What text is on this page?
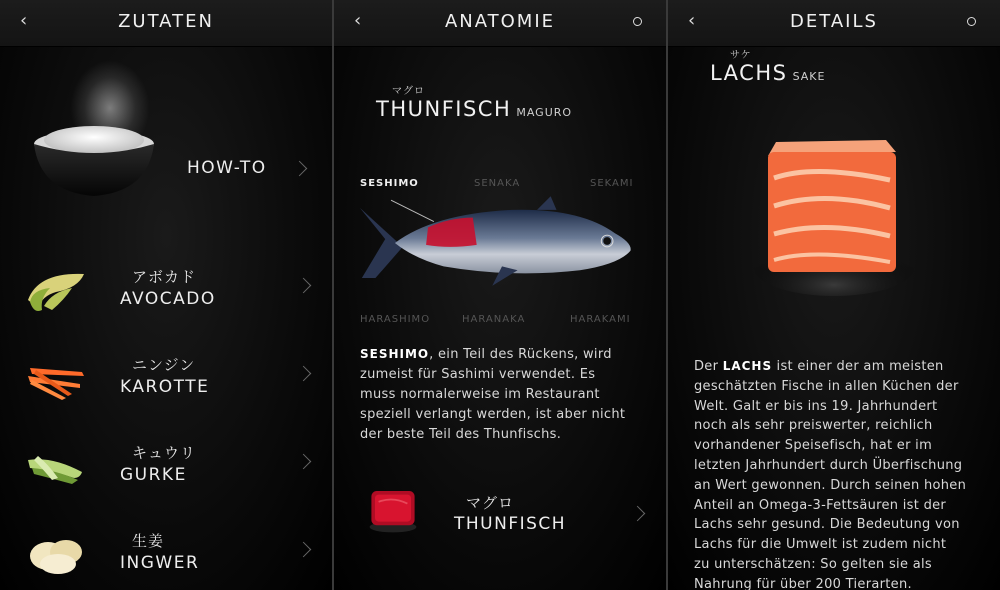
‹	ZUTATEN
HOW-TO
アボカド
AVOCADO
ニンジン
KAROTTE
キュウリ
GURKE
生姜
INGWER
‹	ANATOMIE
マグロ
THUNFISCH MAGURO
SESHIMO	SENAKA	SEKAMI
HARASHIMO	HARANAKA	HARAKAMI
SESHIMO, ein Teil des Rückens, wird
zumeist für Sashimi verwendet. Es
muss normalerweise im Restaurant
speziell verlangt werden, ist aber nicht
der beste Teil des Thunfischs.
マグロ
THUNFISCH
‹	DETAILS
サケ
LACHS SAKE
Der LACHS ist einer der am meisten
geschätzten Fische in allen Küchen der
Welt. Galt er bis ins 19. Jahrhundert
noch als sehr preiswerter, reichlich
vorhandener Speisefisch, hat er im
letzten Jahrhundert durch Überfischung
an Wert gewonnen. Durch seinen hohen
Anteil an Omega-3-Fettsäuren ist der
Lachs sehr gesund. Die Bedeutung von
Lachs für die Umwelt ist zudem nicht
zu unterschätzen: So gelten sie als
Nahrung für über 200 Tierarten.
